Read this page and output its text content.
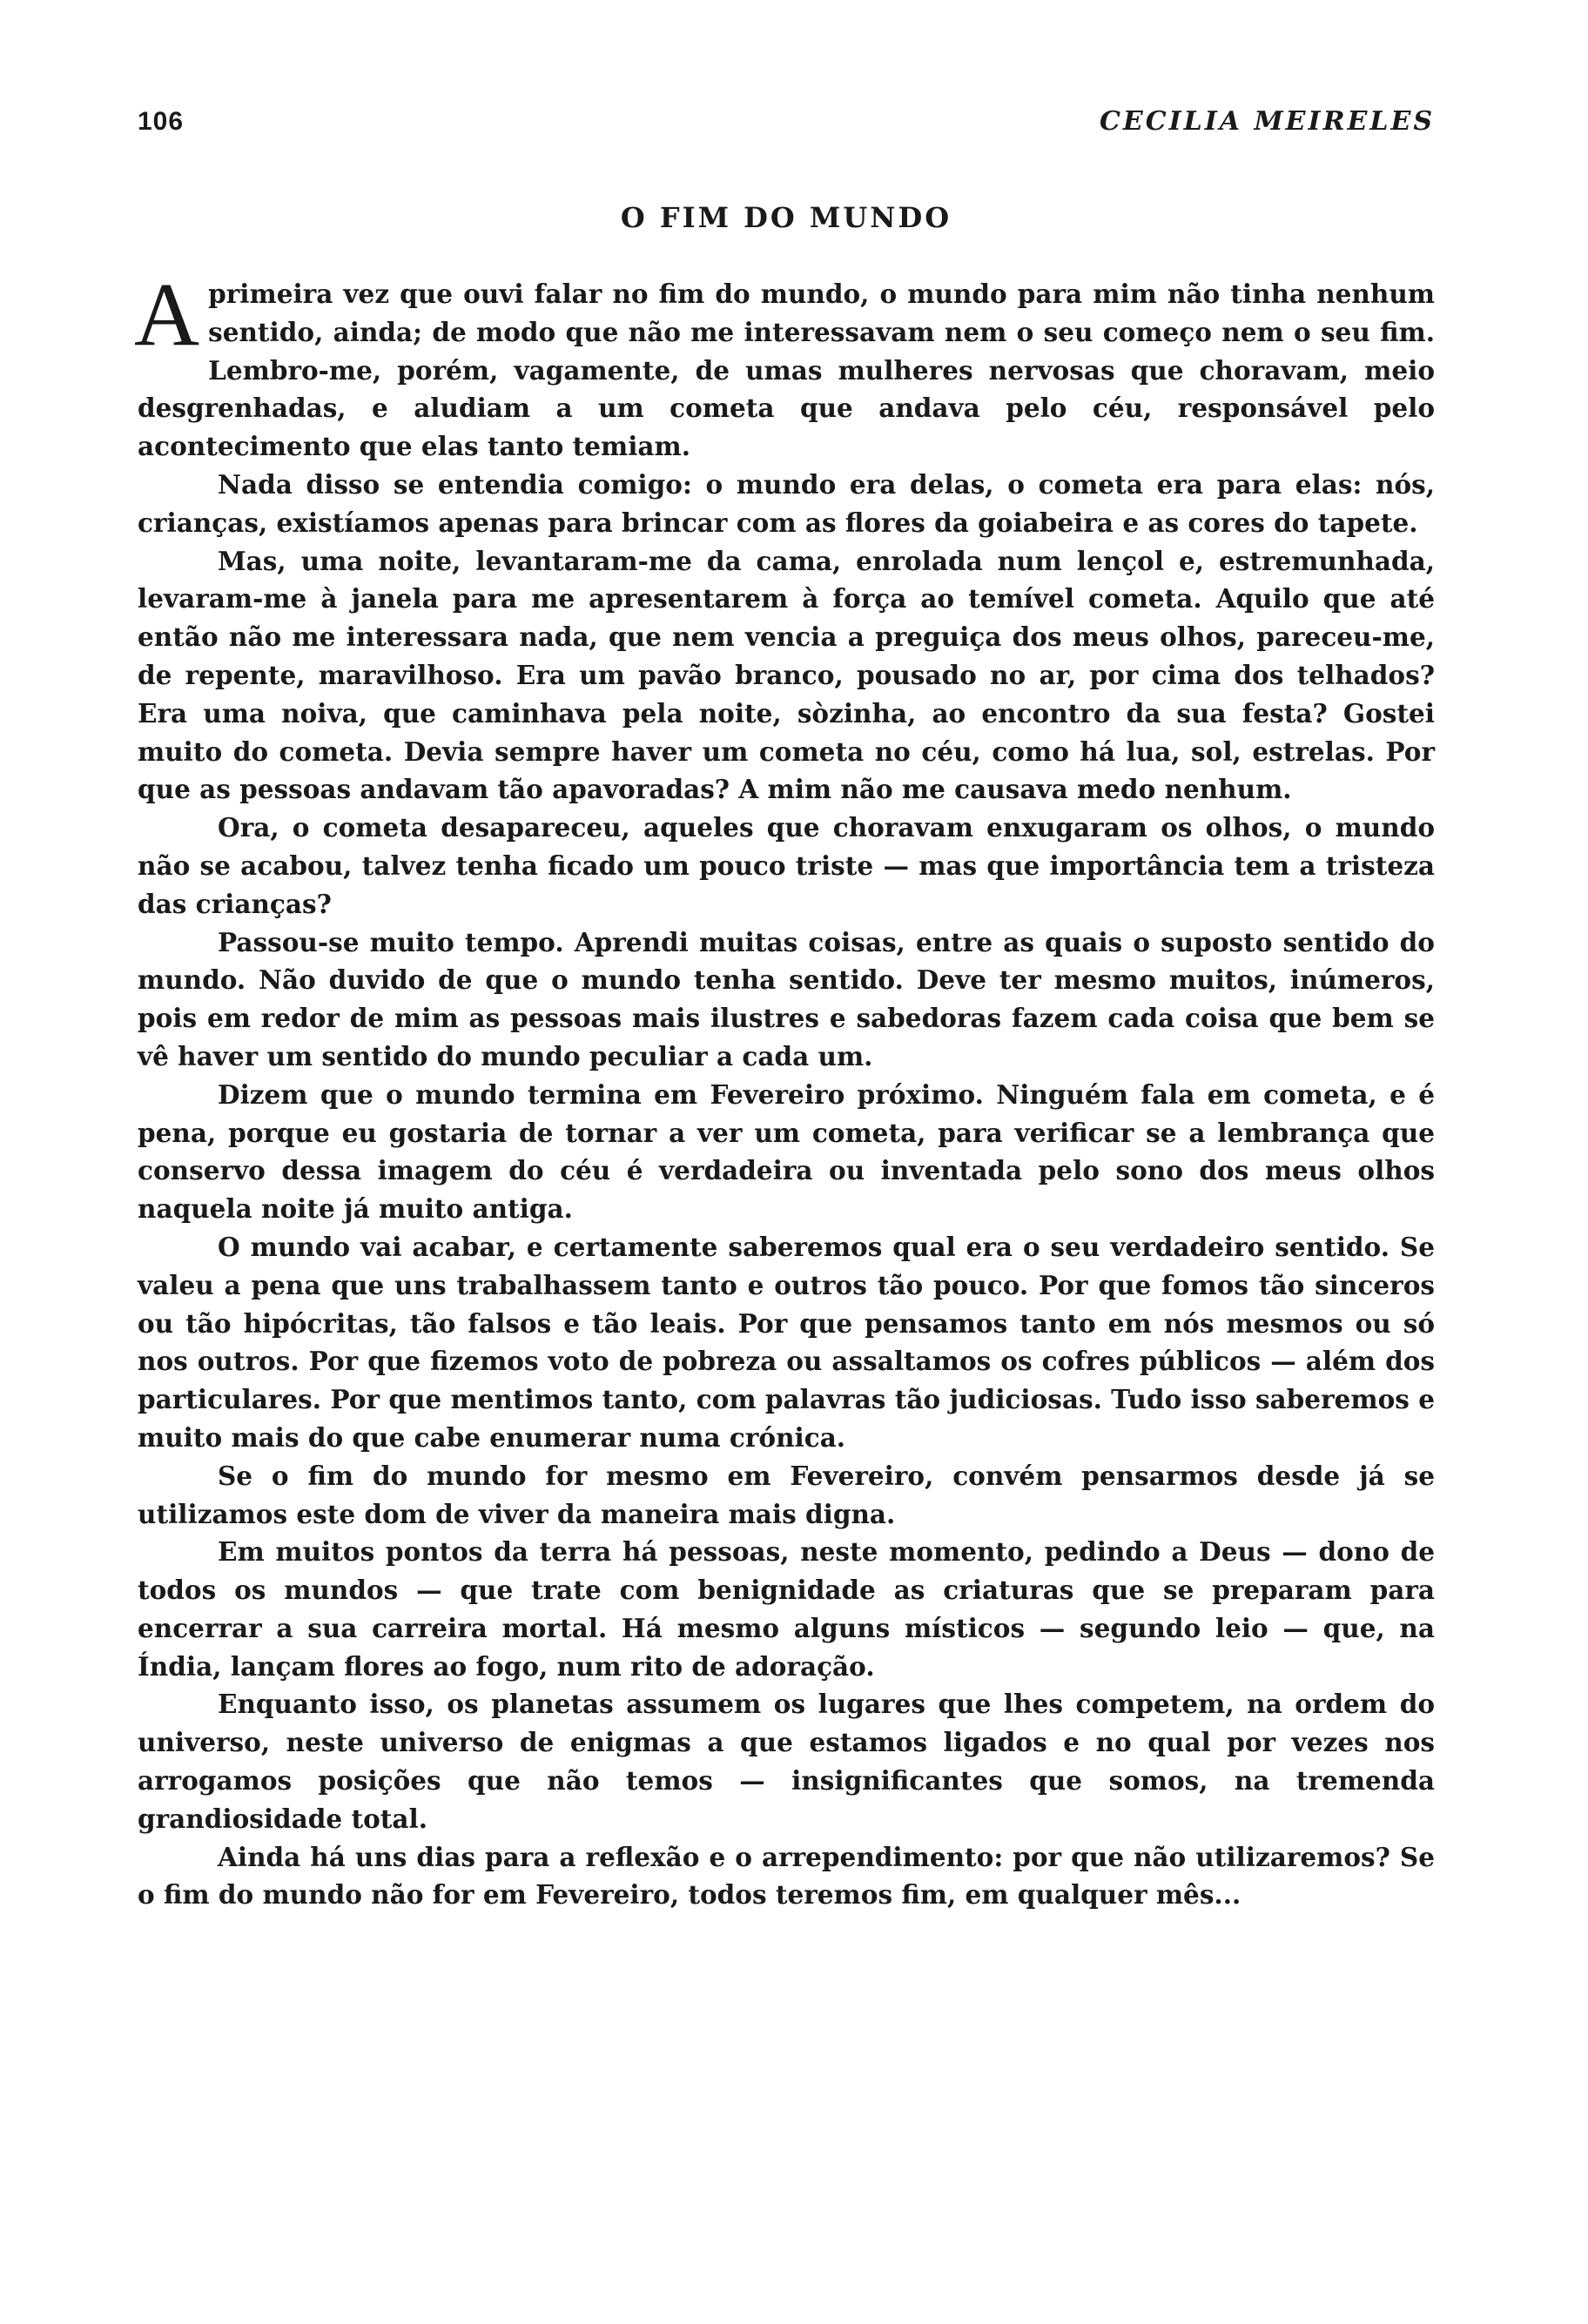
106	CECILIA MEIRELES
O FIM DO MUNDO

A primeira vez que ouvi falar no fim do mundo, o mundo para mim não tinha nenhum sentido, ainda; de modo que não me interessavam nem o seu começo nem o seu fim. Lembro-me, porém, vagamente, de umas mulheres nervosas que choravam, meio desgrenhadas, e aludiam a um cometa que andava pelo céu, responsável pelo acontecimento que elas tanto temiam.

Nada disso se entendia comigo: o mundo era delas, o cometa era para elas: nós, crianças, existíamos apenas para brincar com as flores da goiabeira e as cores do tapete.

Mas, uma noite, levantaram-me da cama, enrolada num lençol e, estremunhada, levaram-me à janela para me apresentarem à força ao temível cometa. Aquilo que até então não me interessara nada, que nem vencia a preguiça dos meus olhos, pareceu-me, de repente, maravilhoso. Era um pavão branco, pousado no ar, por cima dos telhados? Era uma noiva, que caminhava pela noite, sòzinha, ao encontro da sua festa? Gostei muito do cometa. Devia sempre haver um cometa no céu, como há lua, sol, estrelas. Por que as pessoas andavam tão apavoradas? A mim não me causava medo nenhum.

Ora, o cometa desapareceu, aqueles que choravam enxugaram os olhos, o mundo não se acabou, talvez tenha ficado um pouco triste — mas que importância tem a tristeza das crianças?

Passou-se muito tempo. Aprendi muitas coisas, entre as quais o suposto sentido do mundo. Não duvido de que o mundo tenha sentido. Deve ter mesmo muitos, inúmeros, pois em redor de mim as pessoas mais ilustres e sabedoras fazem cada coisa que bem se vê haver um sentido do mundo peculiar a cada um.

Dizem que o mundo termina em Fevereiro próximo. Ninguém fala em cometa, e é pena, porque eu gostaria de tornar a ver um cometa, para verificar se a lembrança que conservo dessa imagem do céu é verdadeira ou inventada pelo sono dos meus olhos naquela noite já muito antiga.

O mundo vai acabar, e certamente saberemos qual era o seu verdadeiro sentido. Se valeu a pena que uns trabalhassem tanto e outros tão pouco. Por que fomos tão sinceros ou tão hipócritas, tão falsos e tão leais. Por que pensamos tanto em nós mesmos ou só nos outros. Por que fizemos voto de pobreza ou assaltamos os cofres públicos — além dos particulares. Por que mentimos tanto, com palavras tão judiciosas. Tudo isso saberemos e muito mais do que cabe enumerar numa crónica.

Se o fim do mundo for mesmo em Fevereiro, convém pensarmos desde já se utilizamos este dom de viver da maneira mais digna.

Em muitos pontos da terra há pessoas, neste momento, pedindo a Deus — dono de todos os mundos — que trate com benignidade as criaturas que se preparam para encerrar a sua carreira mortal. Há mesmo alguns místicos — segundo leio — que, na Índia, lançam flores ao fogo, num rito de adoração.

Enquanto isso, os planetas assumem os lugares que lhes competem, na ordem do universo, neste universo de enigmas a que estamos ligados e no qual por vezes nos arrogamos posições que não temos — insignificantes que somos, na tremenda grandiosidade total.

Ainda há uns dias para a reflexão e o arrependimento: por que não utilizaremos? Se o fim do mundo não for em Fevereiro, todos teremos fim, em qualquer mês...
